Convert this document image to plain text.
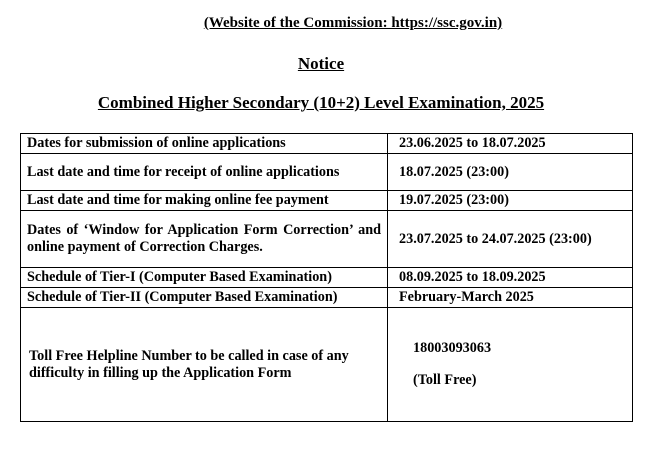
(Website of the Commission: https://ssc.gov.in)
Notice
Combined Higher Secondary (10+2) Level Examination, 2025
Dates for submission of online applications	23.06.2025 to 18.07.2025
Last date and time for receipt of online applications	18.07.2025 (23:00)
Last date and time for making online fee payment	19.07.2025 (23:00)
Dates of ‘Window for Application Form Correction’ and online payment of Correction Charges.	23.07.2025 to 24.07.2025 (23:00)
Schedule of Tier-I (Computer Based Examination)	08.09.2025 to 18.09.2025
Schedule of Tier-II (Computer Based Examination)	February-March 2025

Toll Free Helpline Number to be called in case of any difficulty in filling up the Application Form	18003093063
(Toll Free)
